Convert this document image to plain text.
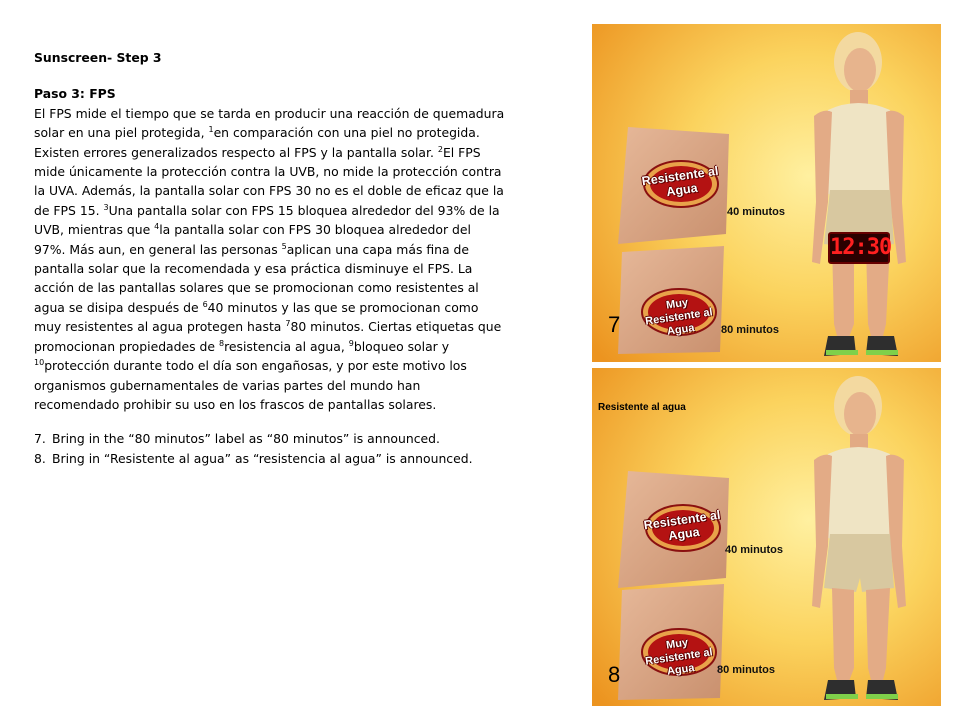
Sunscreen- Step 3

Paso 3: FPS

El FPS mide el tiempo que se tarda en producir una reacción de quemadura solar en una piel protegida, $^1$en comparación con una piel no protegida. Existen errores generalizados respecto al FPS y la pantalla solar. $^2$El FPS mide únicamente la protección contra la UVB, no mide la protección contra la UVA. Además, la pantalla solar con FPS 30 no es el doble de eficaz que la de FPS 15. $^3$Una pantalla solar con FPS 15 bloquea alrededor del 93% de la UVB, mientras que $^4$la pantalla solar con FPS 30 bloquea alrededor del 97%. Más aun, en general las personas $^5$aplican una capa más fina de pantalla solar que la recomendada y esa práctica disminuye el FPS. La acción de las pantallas solares que se promocionan como resistentes al agua se disipa después de $^6$40 minutos y las que se promocionan como muy resistentes al agua protegen hasta $^7$80 minutos. Ciertas etiquetas que promocionan propiedades de $^8$resistencia al agua, $^9$bloqueo solar y $^{10}$protección durante todo el día son engañosas, y por este motivo los organismos gubernamentales de varias partes del mundo han recomendado prohibir su uso en los frascos de pantallas solares.

7. Bring in the “80 minutos” label as “80 minutos” is announced.
8. Bring in “Resistente al agua” as “resistencia al agua” is announced.
Resistente al Agua
40 minutos
Muy Resistente al Agua	80 minutos
12:30
7
Resistente al agua
Resistente al Agua
40 minutos
Muy Resistente al Agua	80 minutos
8
